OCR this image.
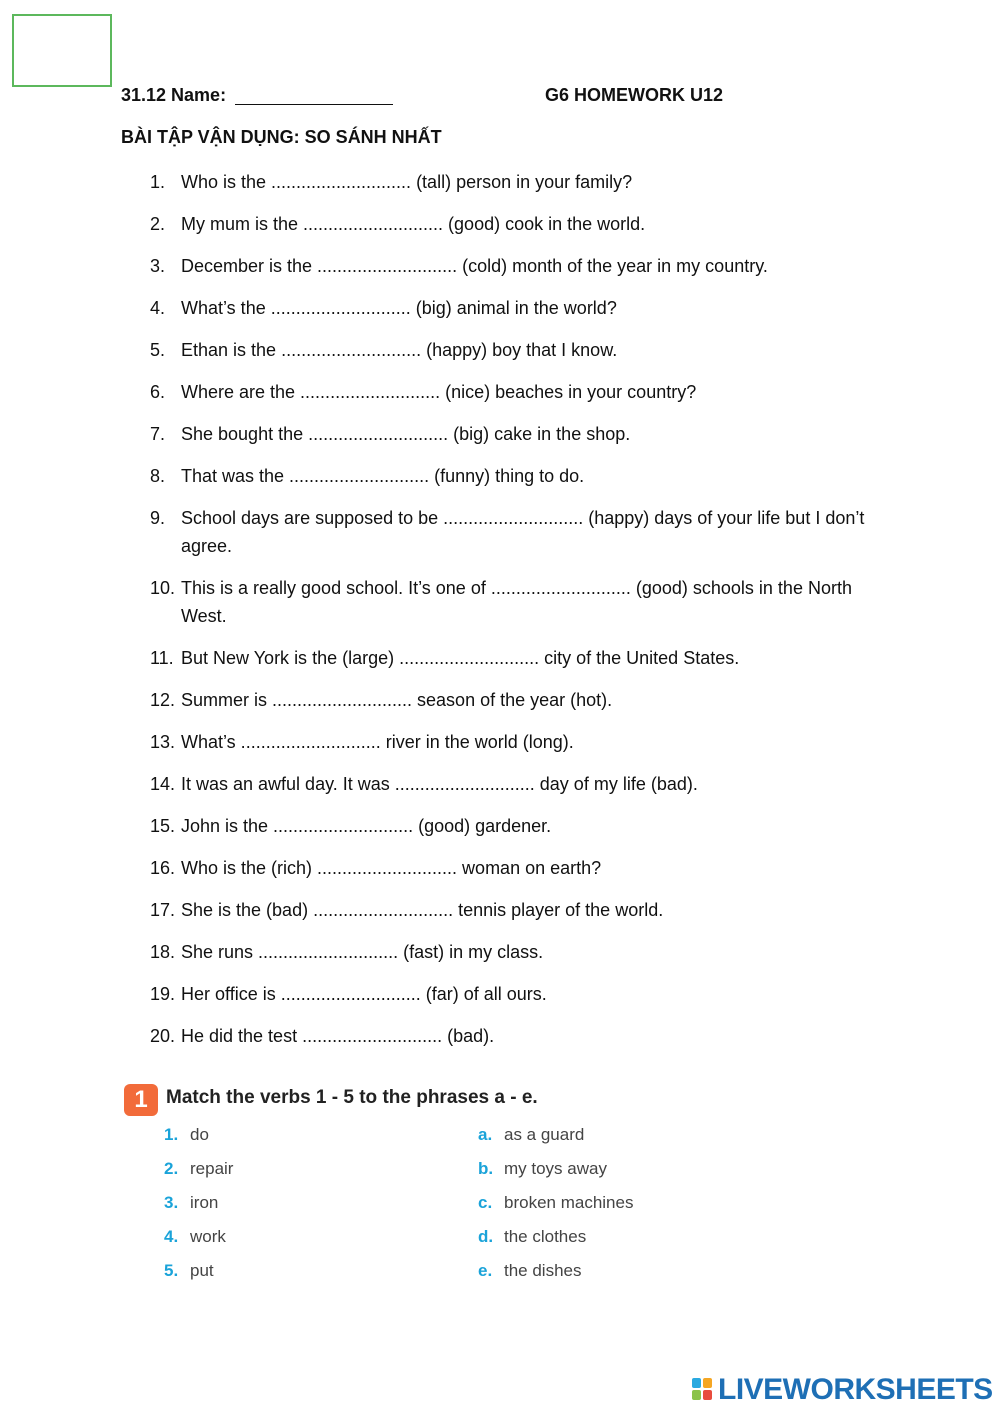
31.12 Name:	G6 HOMEWORK U12
BÀI TẬP VẬN DỤNG: SO SÁNH NHẤT
1. Who is the ............................ (tall) person in your family?
2. My mum is the ............................ (good) cook in the world.
3. December is the ............................ (cold) month of the year in my country.
4. What’s the ............................ (big) animal in the world?
5. Ethan is the ............................ (happy) boy that I know.
6. Where are the ............................ (nice) beaches in your country?
7. She bought the ............................ (big) cake in the shop.
8. That was the ............................ (funny) thing to do.
9. School days are supposed to be ............................ (happy) days of your life but I don’t agree.
10. This is a really good school. It’s one of ............................ (good) schools in the North West.
11. But New York is the (large) ............................ city of the United States.
12. Summer is ............................ season of the year (hot).
13. What’s ............................ river in the world (long).
14. It was an awful day. It was ............................ day of my life (bad).
15. John is the ............................ (good) gardener.
16. Who is the (rich) ............................ woman on earth?
17. She is the (bad) ............................ tennis player of the world.
18. She runs ............................ (fast) in my class.
19. Her office is ............................ (far) of all ours.
20. He did the test ............................ (bad).
1 Match the verbs 1 - 5 to the phrases a - e.
1. do
2. repair
3. iron
4. work
5. put
a. as a guard
b. my toys away
c. broken machines
d. the clothes
e. the dishes
LIVEWORKSHEETS
